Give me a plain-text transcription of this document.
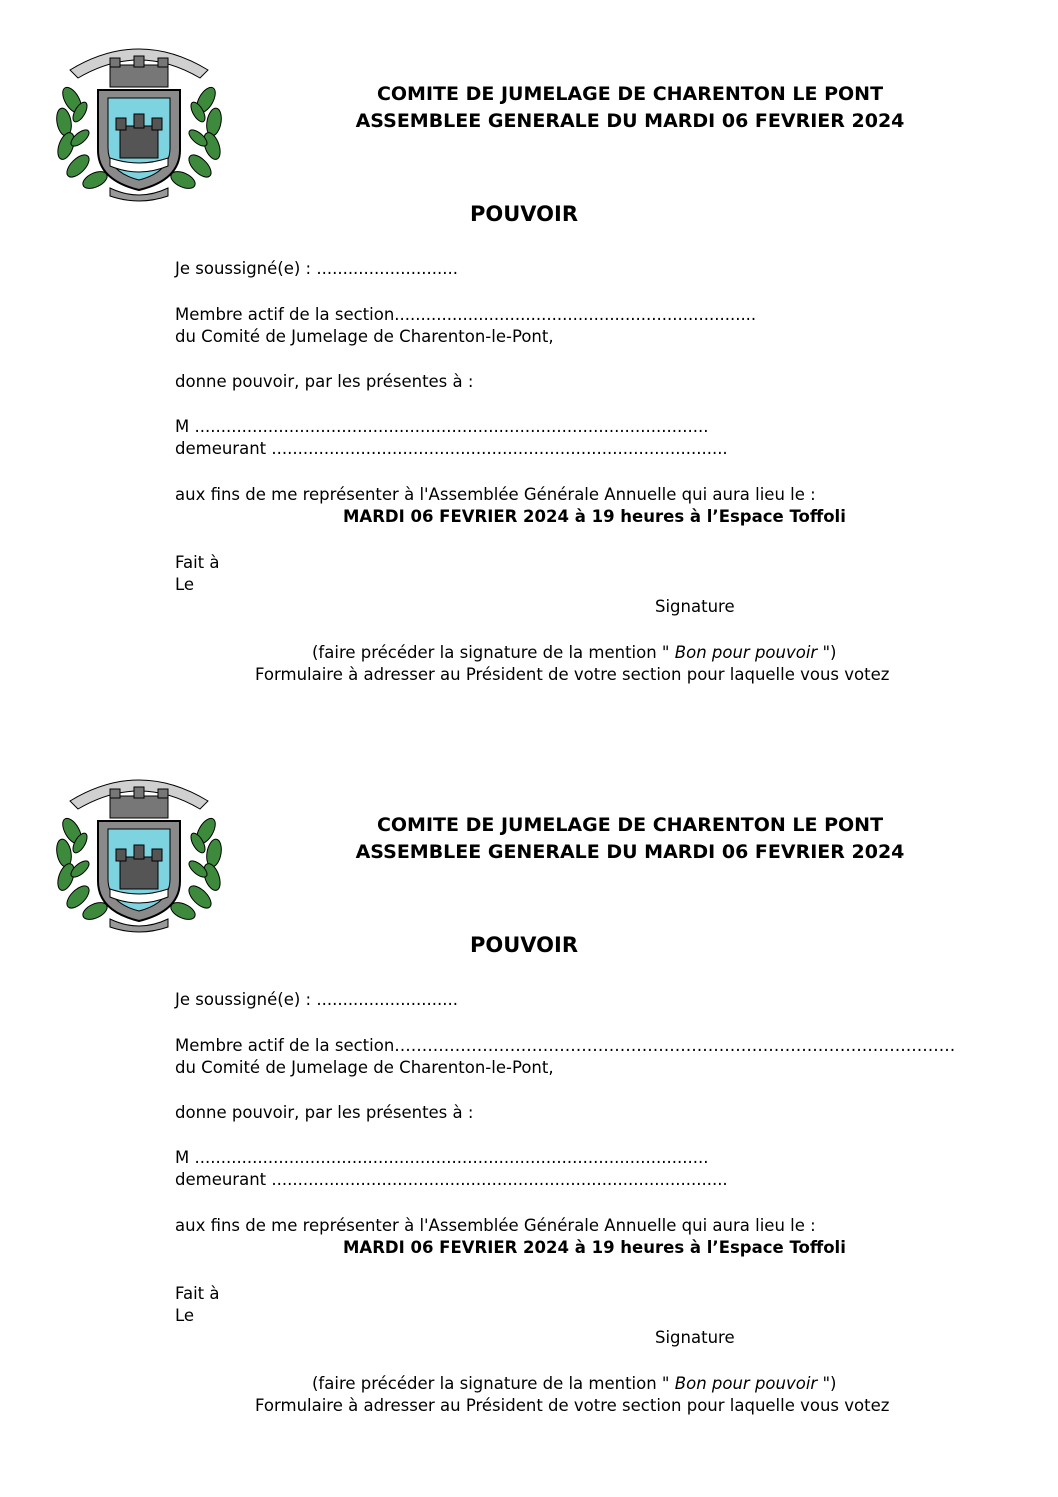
COMITE DE JUMELAGE DE CHARENTON LE PONT
ASSEMBLEE GENERALE DU MARDI 06 FEVRIER 2024
POUVOIR
Je soussigné(e) : ...........................
Membre actif de la section.....................................................................
du Comité de Jumelage de Charenton-le-Pont,
donne pouvoir, par les présentes à :
M ..................................................................................................
demeurant .......................................................................................
aux fins de me représenter à l'Assemblée Générale Annuelle qui aura lieu le :
MARDI 06 FEVRIER 2024 à 19 heures à l’Espace Toffoli
Fait à
Le
Signature
(faire précéder la signature de la mention " Bon pour pouvoir ")
Formulaire à adresser au Président de votre section pour laquelle vous votez
COMITE DE JUMELAGE DE CHARENTON LE PONT
ASSEMBLEE GENERALE DU MARDI 06 FEVRIER 2024
POUVOIR
Je soussigné(e) : ...........................
Membre actif de la section…………………………………………………………………………………………
du Comité de Jumelage de Charenton-le-Pont,
donne pouvoir, par les présentes à :
M ..................................................................................................
demeurant .......................................................................................
aux fins de me représenter à l'Assemblée Générale Annuelle qui aura lieu le :
MARDI 06 FEVRIER 2024 à 19 heures à l’Espace Toffoli
Fait à
Le
Signature
(faire précéder la signature de la mention " Bon pour pouvoir ")
Formulaire à adresser au Président de votre section pour laquelle vous votez
